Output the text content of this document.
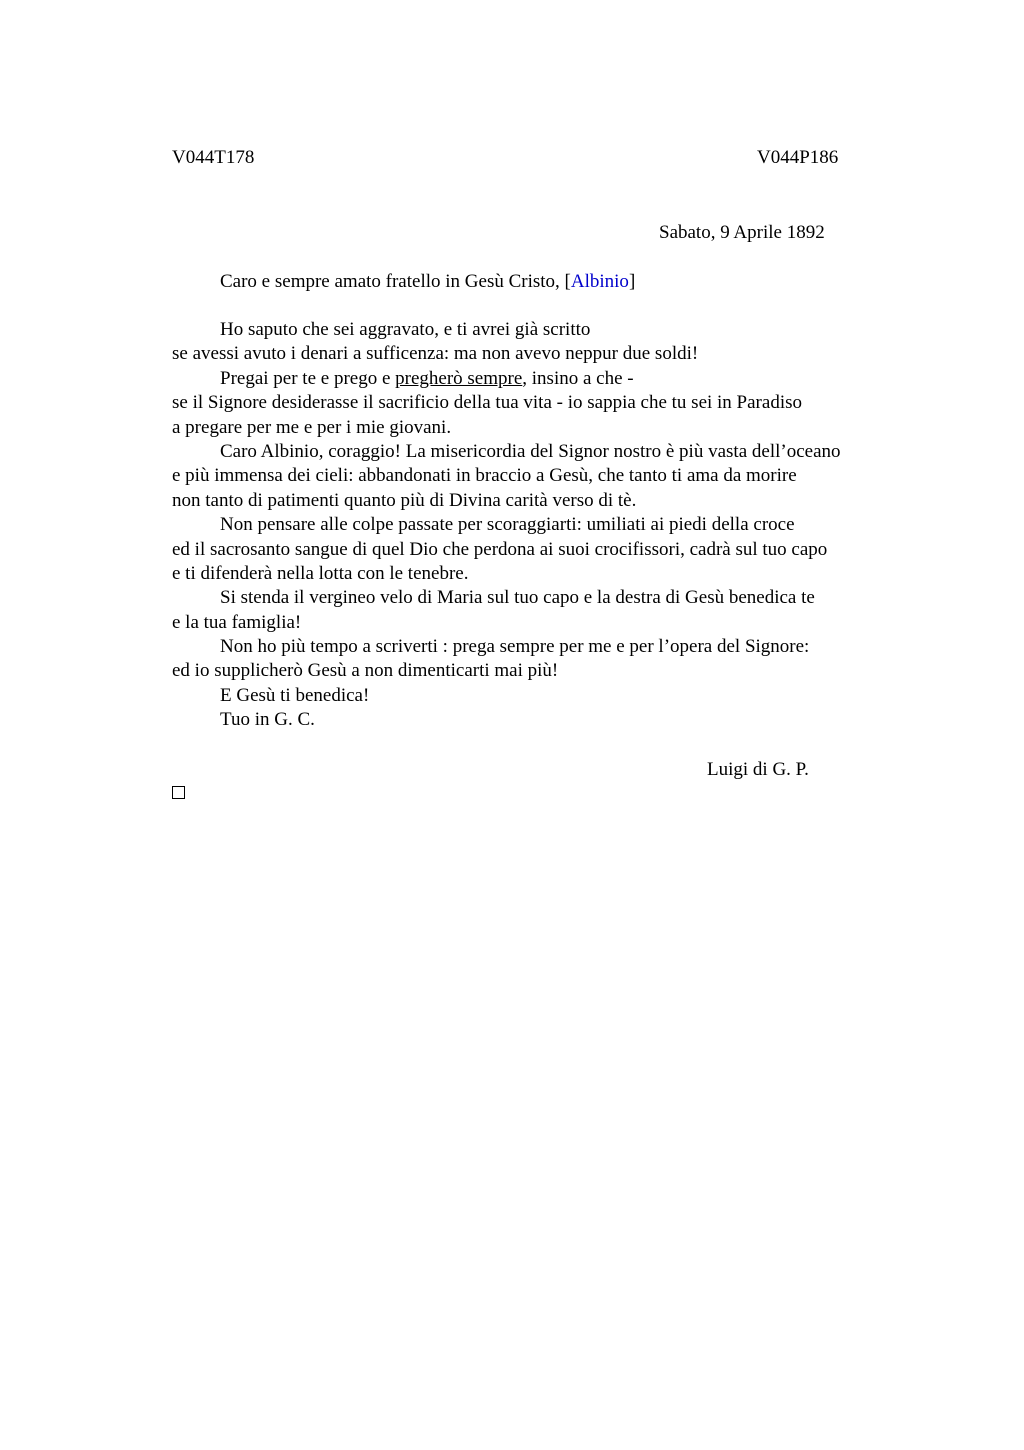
V044T178	V044P186
Sabato, 9 Aprile 1892
Caro e sempre amato fratello in Gesù Cristo, [Albinio]
Ho saputo che sei aggravato, e ti avrei già scritto
se avessi avuto i denari a sufficenza: ma non avevo neppur due soldi!
Pregai per te e prego e pregherò sempre, insino a che -
se il Signore desiderasse il sacrificio della tua vita - io sappia che tu sei in Paradiso
a pregare per me e per i mie giovani.
Caro Albinio, coraggio! La misericordia del Signor nostro è più vasta dell’oceano
e più immensa dei cieli: abbandonati in braccio a Gesù, che tanto ti ama da morire
non tanto di patimenti quanto più di Divina carità verso di tè.
Non pensare alle colpe passate per scoraggiarti: umiliati ai piedi della croce
ed il sacrosanto sangue di quel Dio che perdona ai suoi crocifissori, cadrà sul tuo capo
e ti difenderà nella lotta con le tenebre.
Si stenda il vergineo velo di Maria sul tuo capo e la destra di Gesù benedica te
e la tua famiglia!
Non ho più tempo a scriverti : prega sempre per me e per l’opera del Signore:
ed io supplicherò Gesù a non dimenticarti mai più!
E Gesù ti benedica!
Tuo in G. C.
Luigi di G. P.
